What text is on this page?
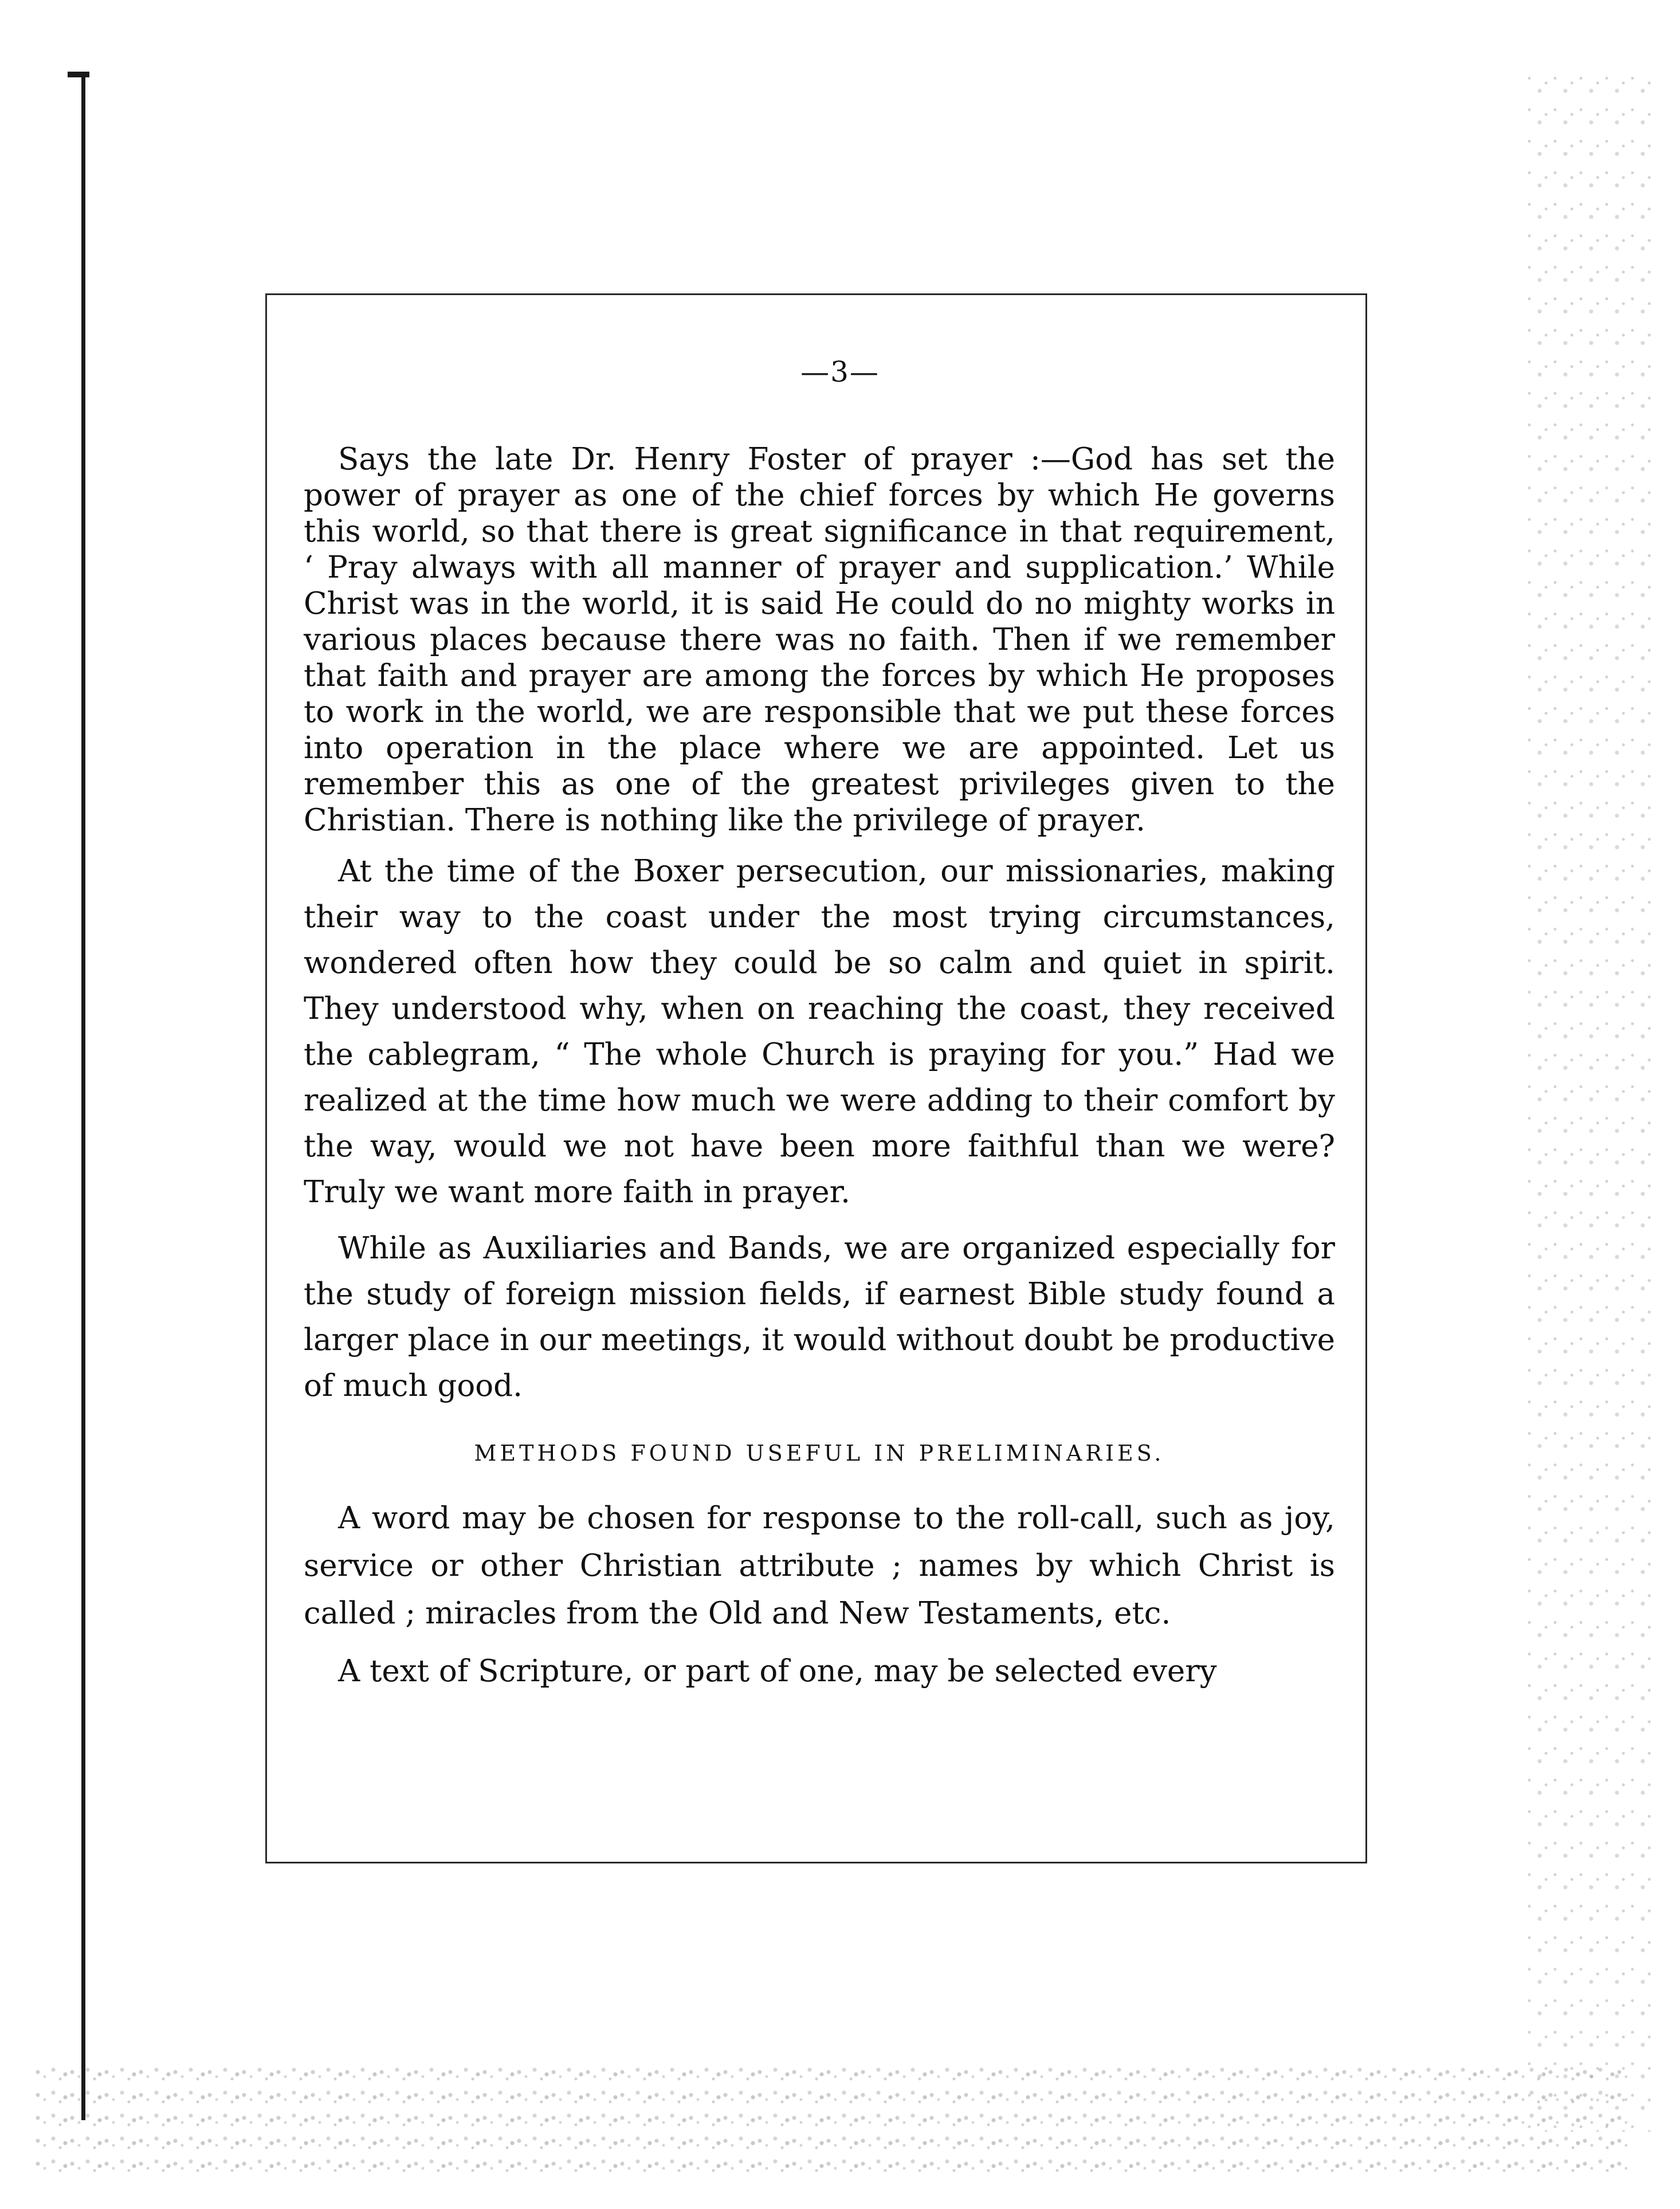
—3—

Says the late Dr. Henry Foster of prayer :—God has set the power of prayer as one of the chief forces by which He governs this world, so that there is great significance in that requirement, ‘ Pray always with all manner of prayer and supplication.’ While Christ was in the world, it is said He could do no mighty works in various places because there was no faith. Then if we remember that faith and prayer are among the forces by which He proposes to work in the world, we are responsible that we put these forces into operation in the place where we are appointed. Let us remember this as one of the greatest privileges given to the Christian. There is nothing like the privilege of prayer.

At the time of the Boxer persecution, our missionaries, making their way to the coast under the most trying circumstances, wondered often how they could be so calm and quiet in spirit. They understood why, when on reaching the coast, they received the cablegram, “ The whole Church is praying for you.” Had we realized at the time how much we were adding to their comfort by the way, would we not have been more faithful than we were? Truly we want more faith in prayer.

While as Auxiliaries and Bands, we are organized especially for the study of foreign mission fields, if earnest Bible study found a larger place in our meetings, it would without doubt be productive of much good.

METHODS FOUND USEFUL IN PRELIMINARIES.

A word may be chosen for response to the roll-call, such as joy, service or other Christian attribute ; names by which Christ is called ; miracles from the Old and New Testaments, etc.

A text of Scripture, or part of one, may be selected every
